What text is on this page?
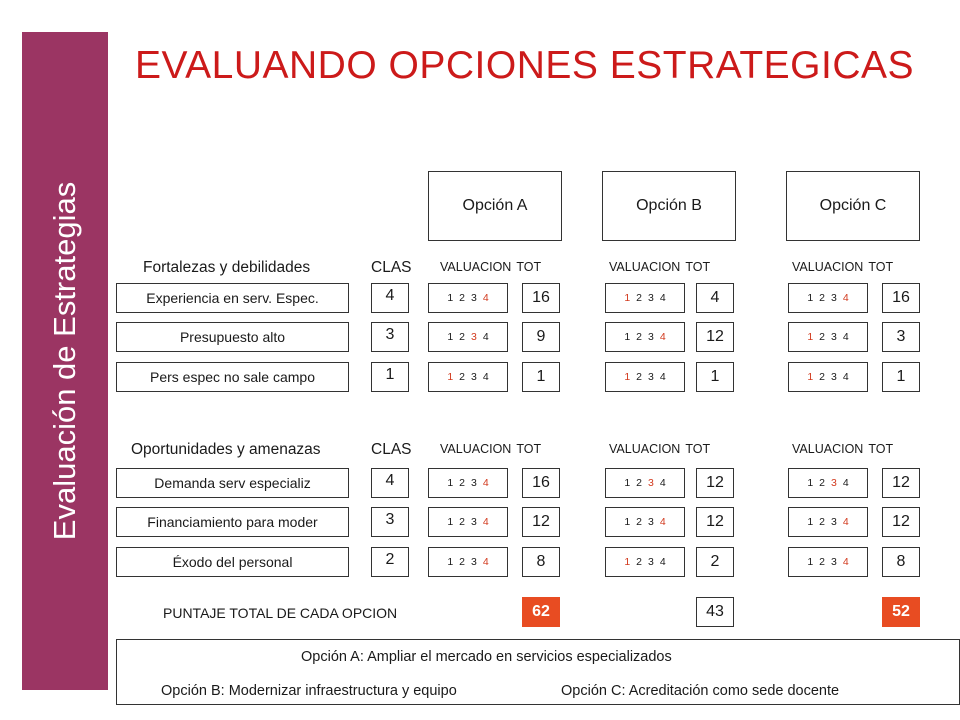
Evaluación de Estrategias
EVALUANDO OPCIONES ESTRATEGICAS
Opción A	Opción B	Opción C
Fortalezas y debilidades	CLAS VALUACION TOT	VALUACION TOT	VALUACION TOT
Experiencia en serv. Espec.	4	1 2 3 4	16	1 2 3 4	4	1 2 3 4	16
Presupuesto alto	3	1 2 3 4	9	1 2 3 4	12	1 2 3 4	3
Pers espec no sale campo	1	1 2 3 4	1	1 2 3 4	1	1 2 3 4	1
Oportunidades y amenazas	CLAS VALUACION TOT	VALUACION TOT	VALUACION TOT
Demanda serv especializ	4	1 2 3 4	16	1 2 3 4	12	1 2 3 4	12
Financiamiento para moder	3	1 2 3 4	12	1 2 3 4	12	1 2 3 4	12
Éxodo del personal	2	1 2 3 4	8	1 2 3 4	2	1 2 3 4	8
62	43	52
PUNTAJE TOTAL DE CADA OPCION
Opción A: Ampliar el mercado en servicios especializados
Opción B: Modernizar infraestructura y equipo	Opción C: Acreditación como sede docente
